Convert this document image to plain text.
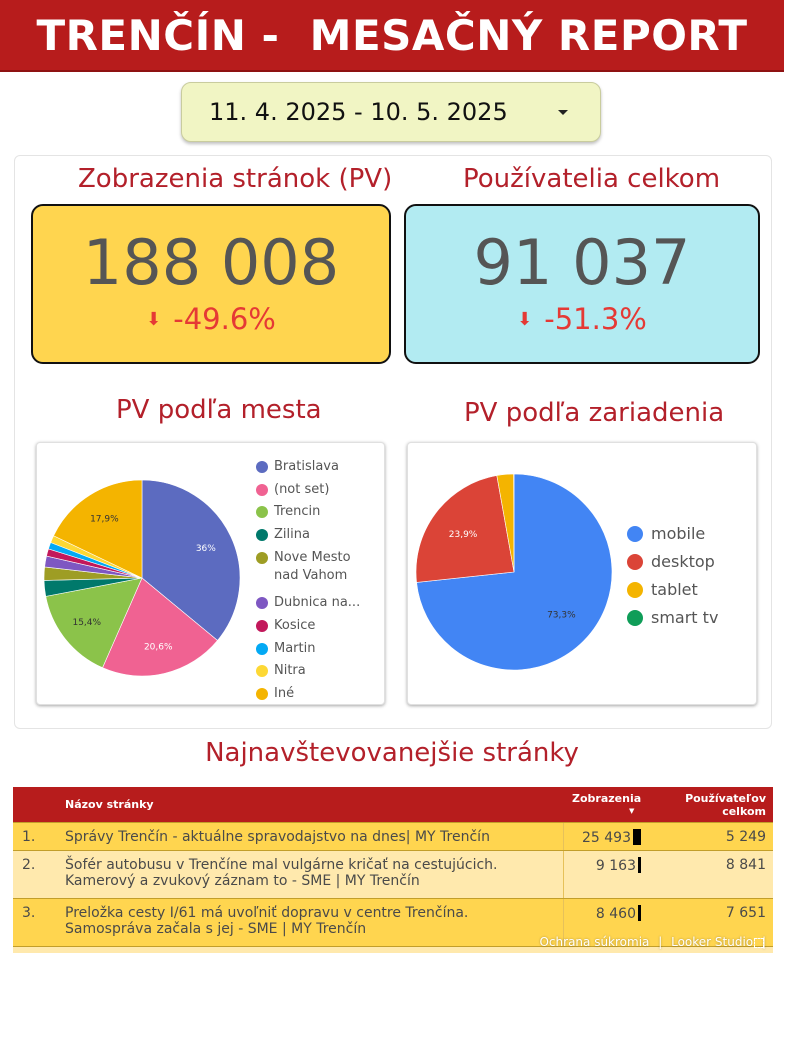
TRENČÍN -  MESAČNÝ REPORT
11. 4. 2025 - 10. 5. 2025
Zobrazenia stránok (PV)	Používatelia celkom
188 008
⬇ -49.6%
91 037
⬇ -51.3%
PV podľa mesta	PV podľa zariadenia
36%
20,6%
15,4%
17,9%
Bratislava
(not set)
Trencin
Zilina
Nove Mesto
nad Vahom
Dubnica na...
Kosice
Martin
Nitra
Iné
73,3%
23,9%	mobile
desktop
tablet
smart tv
Najnavštevovanejšie stránky
Názov stránky	Zobrazenia
▼
Používateľov
celkom
1. Správy Trenčín - aktuálne spravodajstvo na dnes| MY Trenčín	25 493	5 249
2. Šofér autobusu v Trenčíne mal vulgárne kričať na cestujúcich.
Kamerový a zvukový záznam to - SME | MY Trenčín
9 163	8 841
3. Preložka cesty I/61 má uvoľniť dopravu v centre Trenčína.
Samospráva začala s jej - SME | MY Trenčín
8 460	7 651
Ochrana súkromia | Looker Studio |
